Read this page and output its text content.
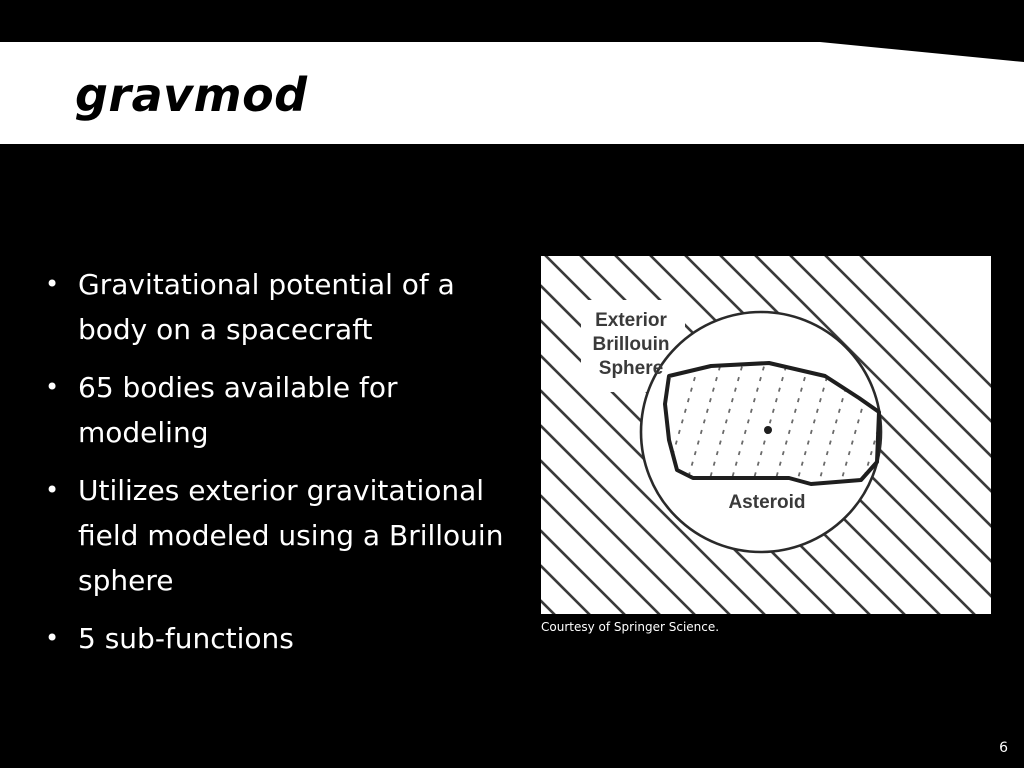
gravmod
• Gravitational potential of a body on a spacecraft
• 65 bodies available for modeling
• Utilizes exterior gravitational field modeled using a Brillouin sphere
• 5 sub-functions
Exterior
Brillouin
Sphere
Asteroid
Courtesy of Springer Science.
6
